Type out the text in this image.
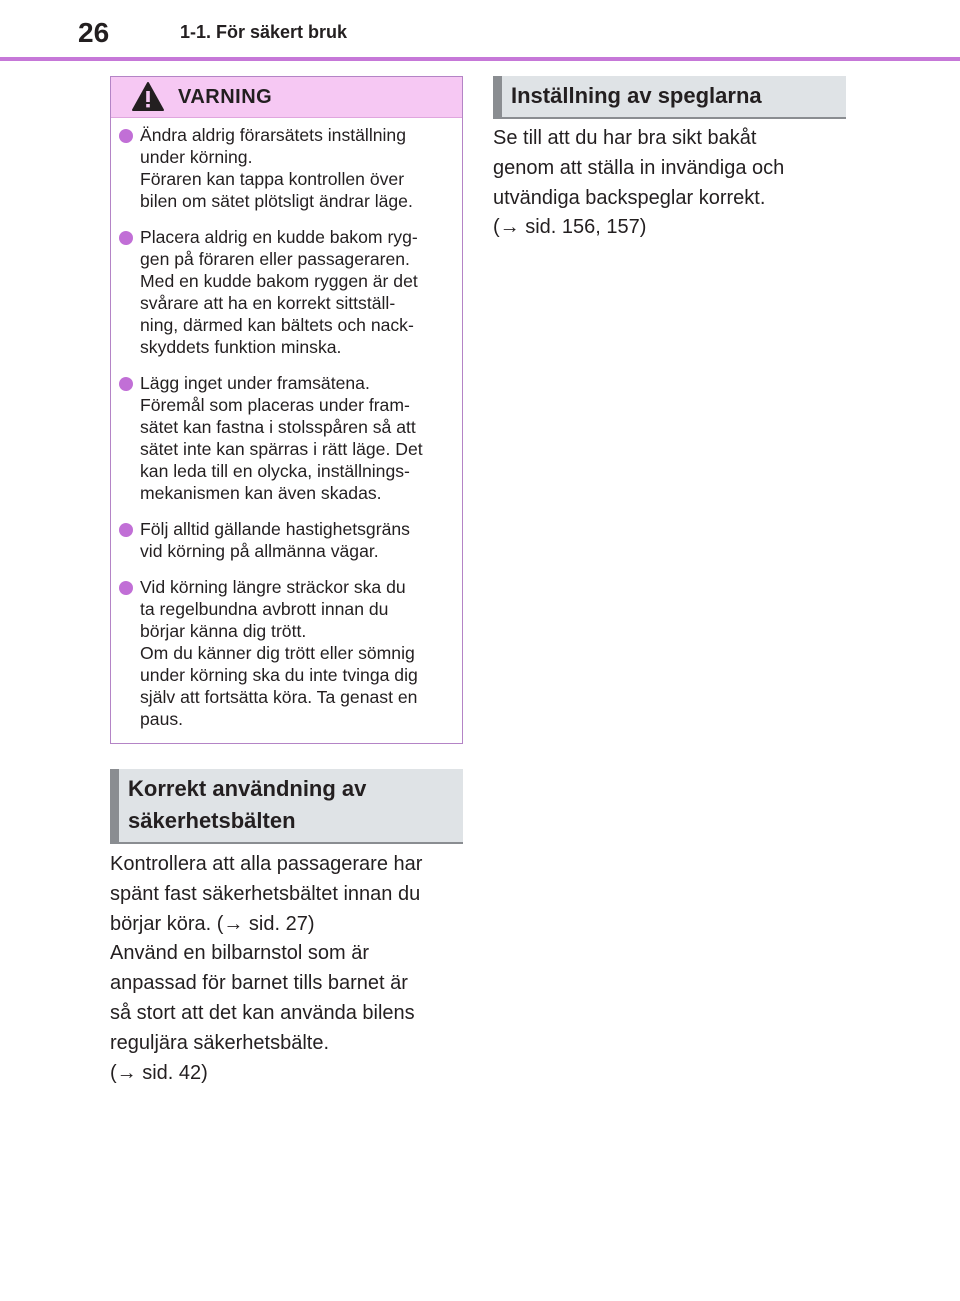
26	1-1. För säkert bruk
VARNING
Ändra aldrig förarsätets inställning
under körning.
Föraren kan tappa kontrollen över
bilen om sätet plötsligt ändrar läge.
Placera aldrig en kudde bakom ryg-
gen på föraren eller passageraren.
Med en kudde bakom ryggen är det
svårare att ha en korrekt sittställ-
ning, därmed kan bältets och nack-
skyddets funktion minska.
Lägg inget under framsätena.
Föremål som placeras under fram-
sätet kan fastna i stolsspåren så att
sätet inte kan spärras i rätt läge. Det
kan leda till en olycka, inställnings-
mekanismen kan även skadas.
Följ alltid gällande hastighetsgräns
vid körning på allmänna vägar.
Vid körning längre sträckor ska du
ta regelbundna avbrott innan du
börjar känna dig trött.
Om du känner dig trött eller sömnig
under körning ska du inte tvinga dig
själv att fortsätta köra. Ta genast en
paus.
Korrekt användning av
säkerhetsbälten

Kontrollera att alla passagerare har
spänt fast säkerhetsbältet innan du
börjar köra. (→ sid. 27)

Använd en bilbarnstol som är
anpassad för barnet tills barnet är
så stort att det kan använda bilens
reguljära säkerhetsbälte.
(→ sid. 42)

Inställning av speglarna

Se till att du har bra sikt bakåt
genom att ställa in invändiga och
utvändiga backspeglar korrekt.
(→ sid. 156, 157)
